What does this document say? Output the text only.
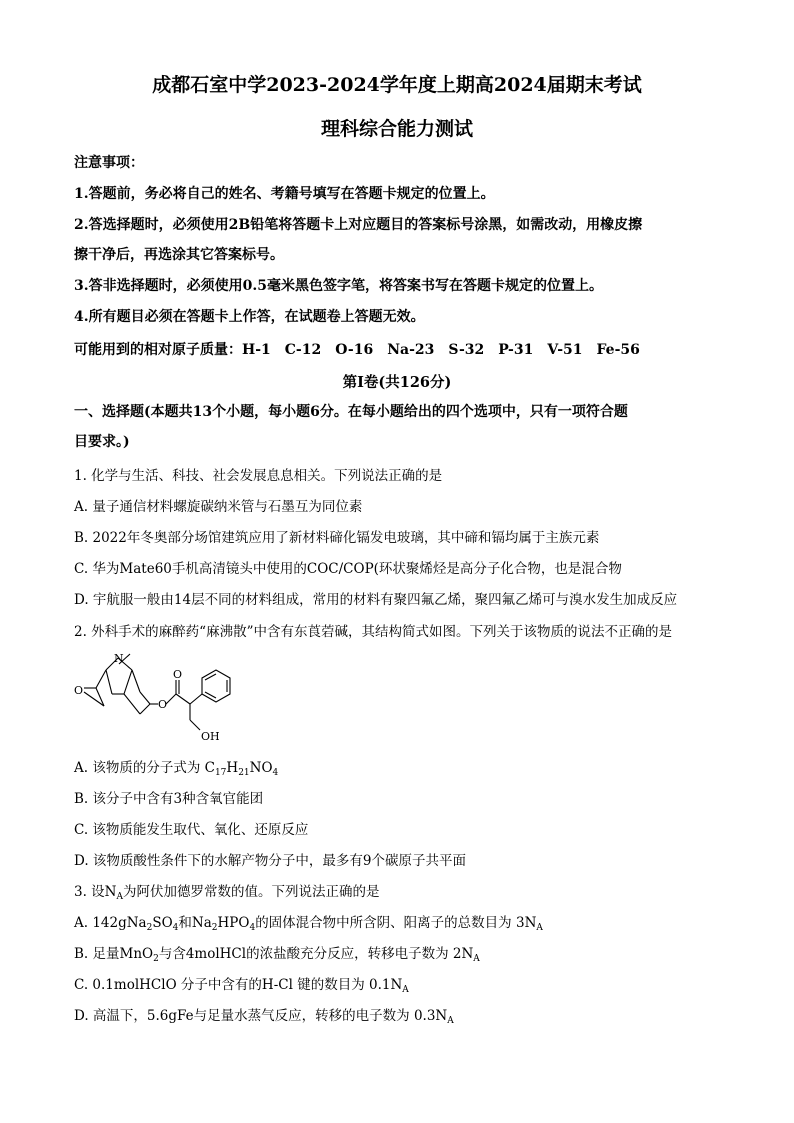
成都石室中学2023-2024学年度上期高2024届期末考试
理科综合能力测试
注意事项：
1.答题前，务必将自己的姓名、考籍号填写在答题卡规定的位置上。
2.答选择题时，必须使用2B铅笔将答题卡上对应题目的答案标号涂黑，如需改动，用橡皮擦
擦干净后，再选涂其它答案标号。
3.答非选择题时，必须使用0.5毫米黑色签字笔，将答案书写在答题卡规定的位置上。
4.所有题目必须在答题卡上作答，在试题卷上答题无效。
可能用到的相对原子质量：H-1　C-12　O-16　Na-23　S-32　P-31　V-51　Fe-56
第Ⅰ卷(共126分)
一、选择题(本题共13个小题，每小题6分。在每小题给出的四个选项中，只有一项符合题
目要求。)
1. 化学与生活、科技、社会发展息息相关。下列说法正确的是
A. 量子通信材料螺旋碳纳米管与石墨互为同位素
B. 2022年冬奥部分场馆建筑应用了新材料碲化镉发电玻璃，其中碲和镉均属于主族元素
C. 华为Mate60手机高清镜头中使用的COC/COP(环状聚烯烃是高分子化合物，也是混合物
D. 宇航服一般由14层不同的材料组成，常用的材料有聚四氟乙烯，聚四氟乙烯可与溴水发生加成反应
2. 外科手术的麻醉药“麻沸散”中含有东莨菪碱，其结构简式如图。下列关于该物质的说法不正确的是
N
O
O
O
OH
A. 该物质的分子式为 $C_{17}H_{21}NO_4$
B. 该分子中含有3种含氧官能团
C. 该物质能发生取代、氧化、还原反应
D. 该物质酸性条件下的水解产物分子中，最多有9个碳原子共平面
3. 设$N_A$为阿伏加德罗常数的值。下列说法正确的是
A. $142gNa_2SO_4$和$Na_2HPO_4$的固体混合物中所含阴、阳离子的总数目为 $3N_A$
B. 足量MnO$_2$与含4molHCl的浓盐酸充分反应，转移电子数为 $2N_A$
C. 0.1molHClO 分子中含有的H-Cl 键的数目为 $0.1N_A$
D. 高温下，5.6gFe与足量水蒸气反应，转移的电子数为 $0.3N_A$
